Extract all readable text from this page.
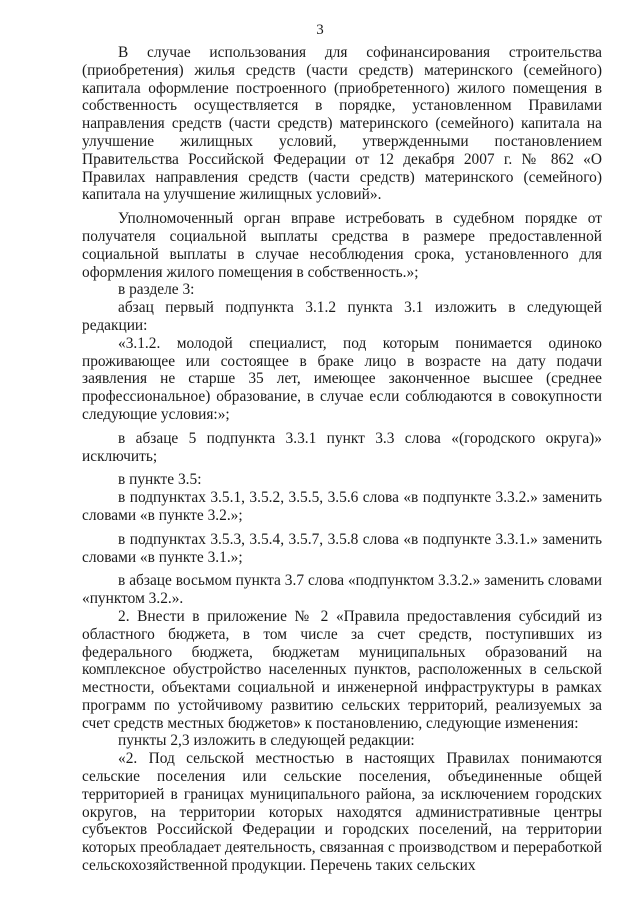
3

В случае использования для софинансирования строительства (приобретения) жилья средств (части средств) материнского (семейного) капитала оформление построенного (приобретенного) жилого помещения в собственность осуществляется в порядке, установленном Правилами направления средств (части средств) материнского (семейного) капитала на улучшение жилищных условий, утвержденными постановлением Правительства Российской Федерации от 12 декабря 2007 г. № 862 «О Правилах направления средств (части средств) материнского (семейного) капитала на улучшение жилищных условий».

Уполномоченный орган вправе истребовать в судебном порядке от получателя социальной выплаты средства в размере предоставленной социальной выплаты в случае несоблюдения срока, установленного для оформления жилого помещения в собственность.»;

в разделе 3:

абзац первый подпункта 3.1.2 пункта 3.1 изложить в следующей редакции:

«3.1.2. молодой специалист, под которым понимается одиноко проживающее или состоящее в браке лицо в возрасте на дату подачи заявления не старше 35 лет, имеющее законченное высшее (среднее профессиональное) образование, в случае если соблюдаются в совокупности следующие условия:»;

в абзаце 5 подпункта 3.3.1 пункт 3.3 слова «(городского округа)» исключить;

в пункте 3.5:

в подпунктах 3.5.1, 3.5.2, 3.5.5, 3.5.6 слова «в подпункте 3.3.2.» заменить словами «в пункте 3.2.»;

в подпунктах 3.5.3, 3.5.4, 3.5.7, 3.5.8 слова «в подпункте 3.3.1.» заменить словами «в пункте 3.1.»;

в абзаце восьмом пункта 3.7 слова «подпунктом 3.3.2.» заменить словами «пунктом 3.2.».

2. Внести в приложение № 2 «Правила предоставления субсидий из областного бюджета, в том числе за счет средств, поступивших из федерального бюджета, бюджетам муниципальных образований на комплексное обустройство населенных пунктов, расположенных в сельской местности, объектами социальной и инженерной инфраструктуры в рамках программ по устойчивому развитию сельских территорий, реализуемых за счет средств местных бюджетов» к постановлению, следующие изменения:

пункты 2,3 изложить в следующей редакции:

«2. Под сельской местностью в настоящих Правилах понимаются сельские поселения или сельские поселения, объединенные общей территорией в границах муниципального района, за исключением городских округов, на территории которых находятся административные центры субъектов Российской Федерации и городских поселений, на территории которых преобладает деятельность, связанная с производством и переработкой сельскохозяйственной продукции. Перечень таких сельских
